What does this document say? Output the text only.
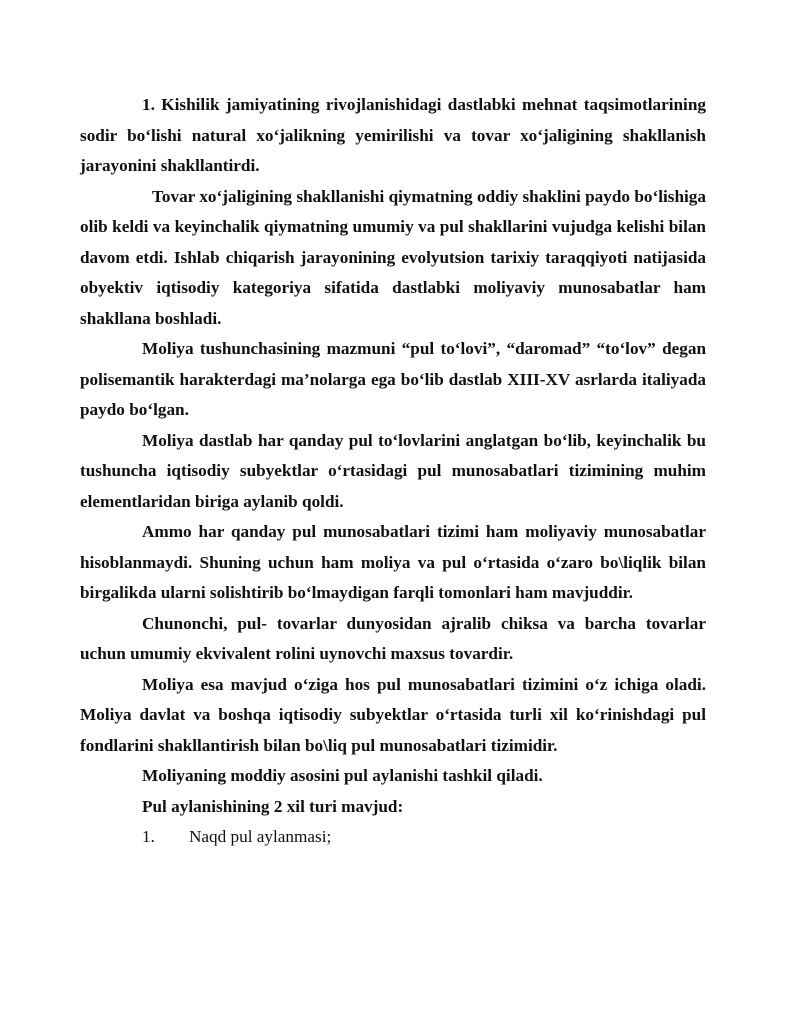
1. Kishilik jamiyatining rivojlanishidagi dastlabki mehnat taqsimotlarining sodir bo‘lishi natural xo‘jalikning yemirilishi va tovar xo‘jaligining shakllanish jarayonini shakllantirdi.

Tovar xo‘jaligining shakllanishi qiymatning oddiy shaklini paydo bo‘lishiga olib keldi va keyinchalik qiymatning umumiy va pul shakllarini vujudga kelishi bilan davom etdi. Ishlab chiqarish jarayonining evolyutsion tarixiy taraqqiyoti natijasida obyektiv iqtisodiy kategoriya sifatida dastlabki moliyaviy munosabatlar ham shakllana boshladi.

Moliya tushunchasining mazmuni “pul to‘lovi”, “daromad” “to‘lov” degan polisemantik harakterdagi ma’nolarga ega bo‘lib dastlab XIII-XV asrlarda italiyada paydo bo‘lgan.

Moliya dastlab har qanday pul to‘lovlarini anglatgan bo‘lib, keyinchalik bu tushuncha iqtisodiy subyektlar o‘rtasidagi pul munosabatlari tizimining muhim elementlaridan biriga aylanib qoldi.

Ammo har qanday pul munosabatlari tizimi ham moliyaviy munosabatlar hisoblanmaydi. Shuning uchun ham moliya va pul o‘rtasida o‘zaro bo\liqlik bilan birgalikda ularni solishtirib bo‘lmaydigan farqli tomonlari ham mavjuddir.

Chunonchi, pul- tovarlar dunyosidan ajralib chiksa va barcha tovarlar uchun umumiy ekvivalent rolini uynovchi maxsus tovardir.

Moliya esa mavjud o‘ziga hos pul munosabatlari tizimini o‘z ichiga oladi. Moliya davlat va boshqa iqtisodiy subyektlar o‘rtasida turli xil ko‘rinishdagi pul fondlarini shakllantirish bilan bo\liq pul munosabatlari tizimidir.

Moliyaning moddiy asosini pul aylanishi tashkil qiladi.

Pul aylanishining 2 xil turi mavjud:

1.	Naqd pul aylanmasi;
